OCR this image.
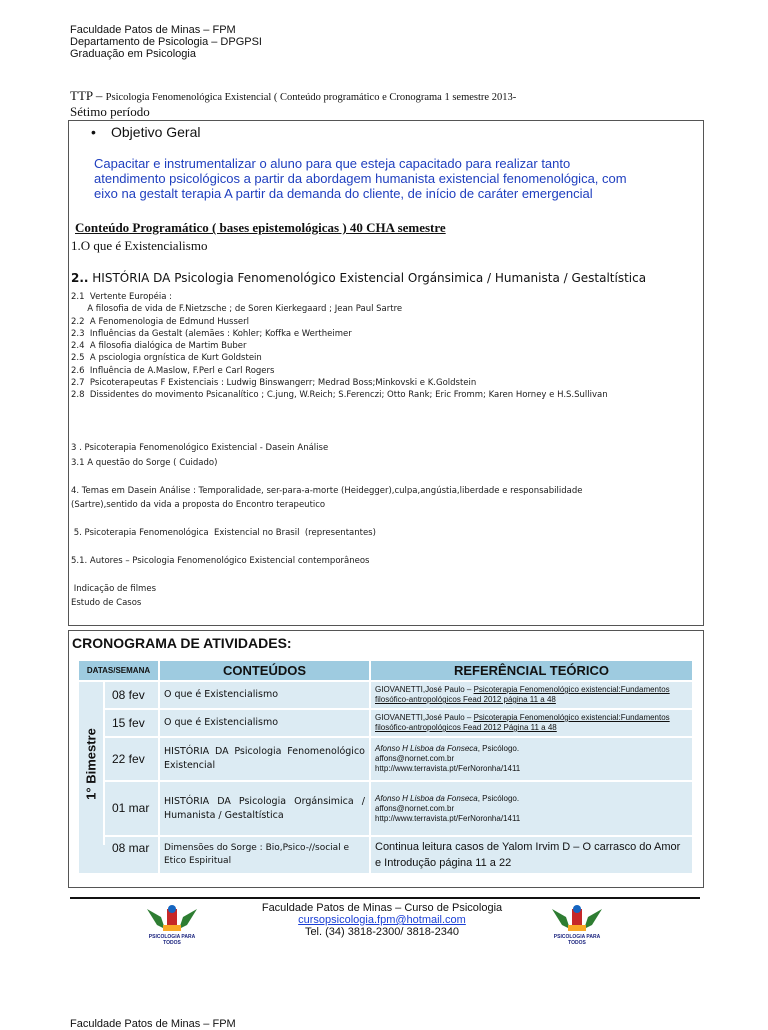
Faculdade Patos de Minas – FPM
Departamento de Psicologia – DPGPSI
Graduação em Psicologia
TTP – Psicologia Fenomenológica Existencial ( Conteúdo programático e Cronograma 1 semestre 2013-
Sétimo período
• Objetivo Geral
Capacitar e instrumentalizar o aluno para que esteja capacitado para realizar tanto
atendimento psicológicos a partir da abordagem humanista existencial fenomenológica, com
eixo na gestalt terapia A partir da demanda do cliente, de início de caráter emergencial
Conteúdo Programático ( bases epistemológicas ) 40 CHA semestre
1.O que é Existencialismo
2.. HISTÓRIA DA Psicologia Fenomenológico Existencial Orgánsimica / Humanista / Gestaltística
2.1  Vertente Européia :
A filosofia de vida de F.Nietzsche ; de Soren Kierkegaard ; Jean Paul Sartre
2.2  A Fenomenologia de Edmund Husserl
2.3  Influências da Gestalt (alemães : Kohler; Koffka e Wertheimer
2.4  A filosofia dialógica de Martim Buber
2.5  A psciologia orgnística de Kurt Goldstein
2.6  Influência de A.Maslow, F.Perl e Carl Rogers
2.7  Psicoterapeutas F Existenciais : Ludwig Binswangerr; Medrad Boss;Minkovski e K.Goldstein
2.8  Dissidentes do movimento Psicanalítico ; C.jung, W.Reich; S.Ferenczi; Otto Rank; Eric Fromm; Karen Horney e H.S.Sullivan
3 . Psicoterapia Fenomenológico Existencial - Dasein Análise
3.1 A questão do Sorge ( Cuidado)
4. Temas em Dasein Análise : Temporalidade, ser-para-a-morte (Heidegger),culpa,angústia,liberdade e responsabilidade
(Sartre),sentido da vida a proposta do Encontro terapeutico
5. Psicoterapia Fenomenológica  Existencial no Brasil  (representantes)
5.1. Autores – Psicologia Fenomenológico Existencial contemporâneos
Indicação de filmes
Estudo de Casos
CRONOGRAMA DE ATIVIDADES:
DATAS/SEMANA	CONTEÚDOS	REFERÊNCIAL TEÓRICO

1° Bimestre
08 fev	O que é Existencialismo	GIOVANETTI,José Paulo – Psicoterapia Fenomenológico existencial:Fundamentos filosófico-antropológicos Fead 2012 página 11 a 48

15 fev	O que é Existencialismo	GIOVANETTI,José Paulo – Psicoterapia Fenomenológico existencial:Fundamentos filosófico-antropológicos Fead 2012 Página 11 a 48

22 fev	HISTÓRIA DA Psicologia Fenomenológico Existencial	Afonso H Lisboa da Fonseca, Psicólogo.
affons@nornet.com.br
http://www.terravista.pt/FerNoronha/1411

01 mar	HISTÓRIA DA Psicologia Orgánsimica / Humanista / Gestaltística	Afonso H Lisboa da Fonseca, Psicólogo.
affons@nornet.com.br
http://www.terravista.pt/FerNoronha/1411

08 mar	Dimensões do Sorge : Bio,Psico-//social e Etico Espiritual	Continua leitura casos de Yalom Irvim D – O carrasco do Amor e Introdução página 11 a 22
PSICOLOGIA PARA TODOS
PSICOLOGIA PARA TODOS
Faculdade Patos de Minas – Curso de Psicologia
cursopsicologia.fpm@hotmail.com
Tel. (34) 3818-2300/ 3818-2340
Faculdade Patos de Minas – FPM
